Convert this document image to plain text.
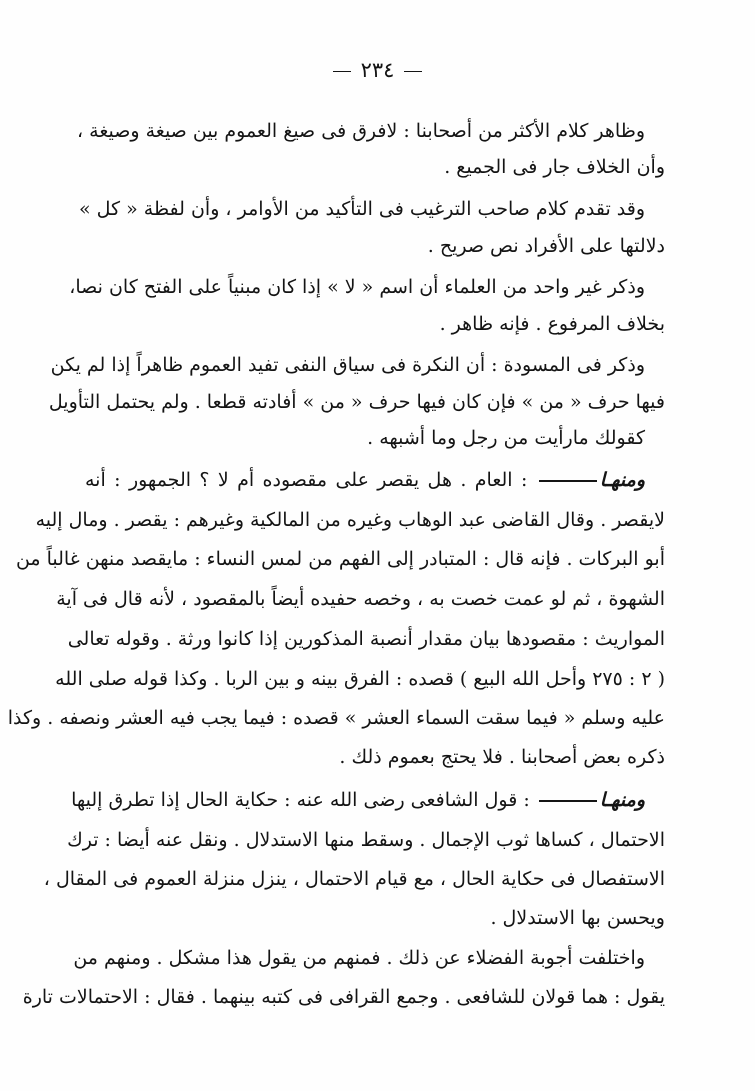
٢٣٤
وظاهر كلام الأكثر من أصحابنا : لافرق فى صيغ العموم بين صيغة وصيغة ،
وأن الخلاف جار فى الجميع .
وقد تقدم كلام صاحب الترغيب فى التأكيد من الأوامر ، وأن لفظة « كل »
دلالتها على الأفراد نص صريح .
وذكر غير واحد من العلماء أن اسم « لا » إذا كان مبنياً على الفتح كان نصا،
بخلاف المرفوع . فإنه ظاهر .
وذكر فى المسودة : أن النكرة فى سياق النفى تفيد العموم ظاهراً إذا لم يكن
فيها حرف « من » فإن كان فيها حرف « من » أفادته قطعا . ولم يحتمل التأويل
كقولك مارأيت من رجل وما أشبهه .
ومنهـا : العام . هل يقصر على مقصوده أم لا ؟ الجمهور : أنه
لايقصر . وقال القاضى عبد الوهاب وغيره من المالكية وغيرهم : يقصر . ومال إليه
أبو البركات . فإنه قال : المتبادر إلى الفهم من لمس النساء : مايقصد منهن غالباً من
الشهوة ، ثم لو عمت خصت به ، وخصه حفيده أيضاً بالمقصود ، لأنه قال فى آية
المواريث : مقصودها بيان مقدار أنصبة المذكورين إذا كانوا ورثة . وقوله تعالى
( ٢ : ٢٧٥ وأحل الله البيع ) قصده : الفرق بينه و بين الربا . وكذا قوله صلى الله
عليه وسلم « فيما سقت السماء العشر » قصده : فيما يجب فيه العشر ونصفه . وكذا
ذكره بعض أصحابنا . فلا يحتج بعموم ذلك .
ومنهـا : قول الشافعى رضى الله عنه : حكاية الحال إذا تطرق إليها
الاحتمال ، كساها ثوب الإجمال . وسقط منها الاستدلال . ونقل عنه أيضا : ترك
الاستفصال فى حكاية الحال ، مع قيام الاحتمال ، ينزل منزلة العموم فى المقال ،
ويحسن بها الاستدلال .
واختلفت أجوبة الفضلاء عن ذلك . فمنهم من يقول هذا مشكل . ومنهم من
يقول : هما قولان للشافعى . وجمع القرافى فى كتبه بينهما . فقال : الاحتمالات تارة
